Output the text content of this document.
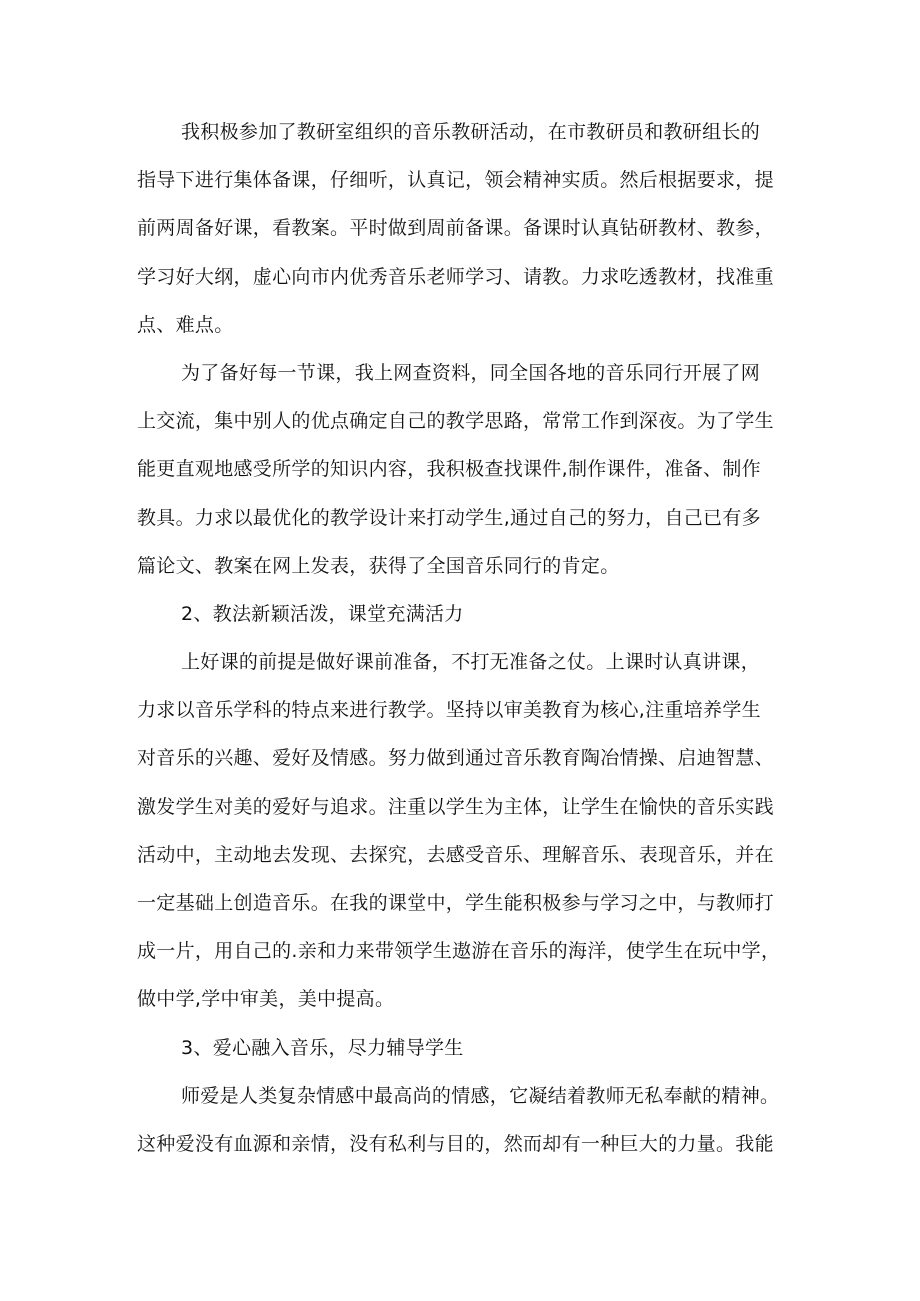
我积极参加了教研室组织的音乐教研活动，在市教研员和教研组长的
指导下进行集体备课，仔细听，认真记，领会精神实质。然后根据要求，提
前两周备好课，看教案。平时做到周前备课。备课时认真钻研教材、教参，
学习好大纲，虚心向市内优秀音乐老师学习、请教。力求吃透教材，找准重
点、难点。

为了备好每一节课，我上网查资料，同全国各地的音乐同行开展了网
上交流，集中别人的优点确定自己的教学思路，常常工作到深夜。为了学生
能更直观地感受所学的知识内容，我积极查找课件,制作课件，准备、制作
教具。力求以最优化的教学设计来打动学生,通过自己的努力，自己已有多
篇论文、教案在网上发表，获得了全国音乐同行的肯定。

2、教法新颖活泼，课堂充满活力

上好课的前提是做好课前准备，不打无准备之仗。上课时认真讲课，
力求以音乐学科的特点来进行教学。坚持以审美教育为核心,注重培养学生
对音乐的兴趣、爱好及情感。努力做到通过音乐教育陶冶情操、启迪智慧、
激发学生对美的爱好与追求。注重以学生为主体，让学生在愉快的音乐实践
活动中，主动地去发现、去探究，去感受音乐、理解音乐、表现音乐，并在
一定基础上创造音乐。在我的课堂中，学生能积极参与学习之中，与教师打
成一片，用自己的.亲和力来带领学生遨游在音乐的海洋，使学生在玩中学，
做中学,学中审美，美中提高。

3、爱心融入音乐，尽力辅导学生

师爱是人类复杂情感中最高尚的情感，它凝结着教师无私奉献的精神。
这种爱没有血源和亲情，没有私利与目的，然而却有一种巨大的力量。我能
